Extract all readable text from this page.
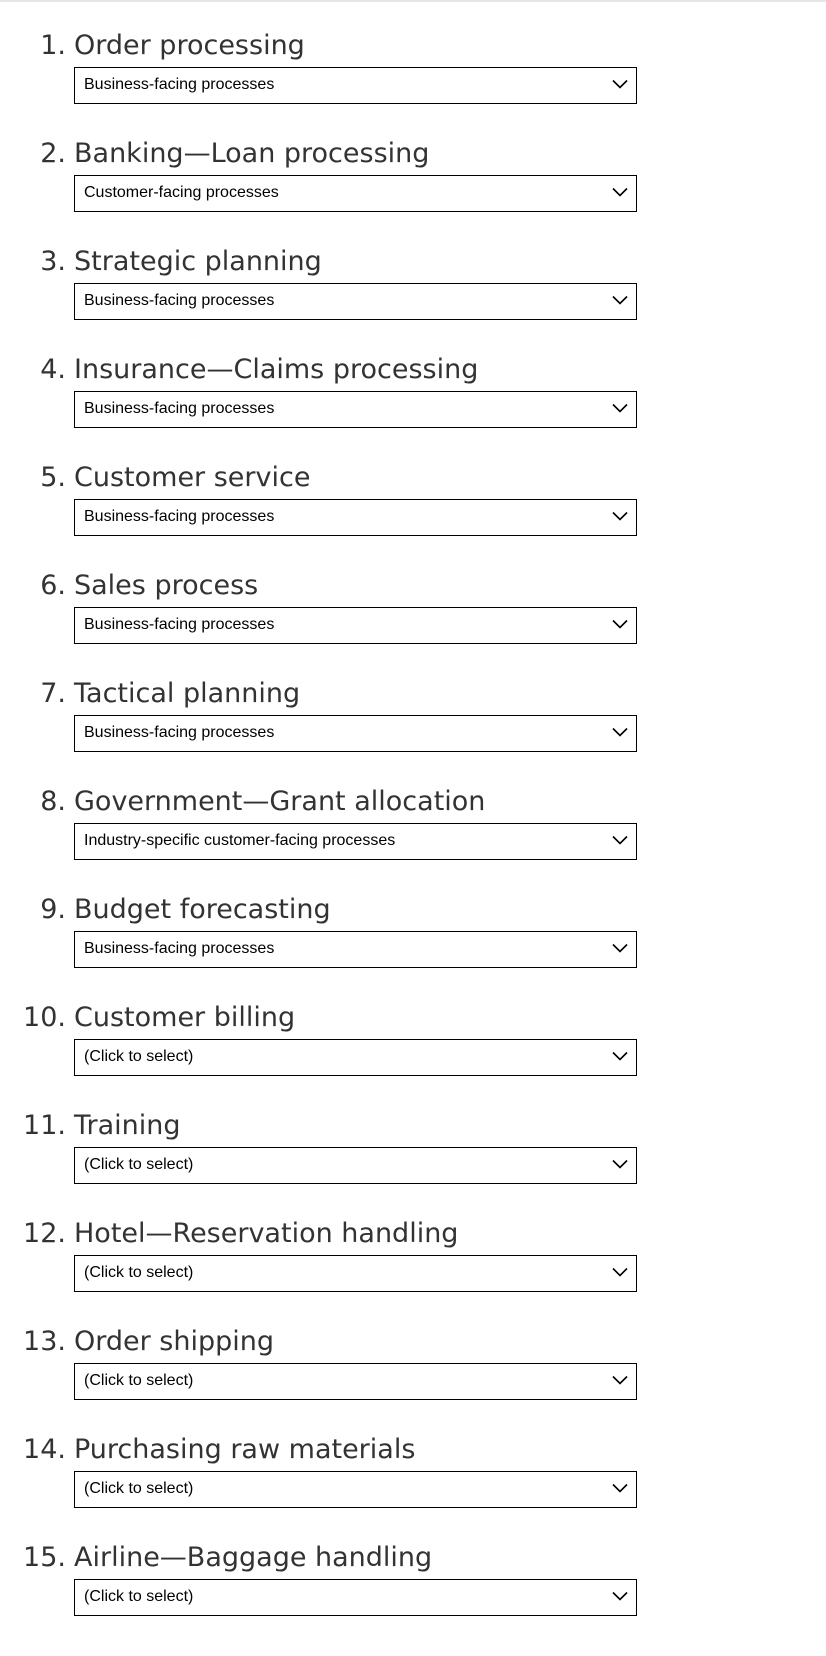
1. Order processing
Business-facing processes
2. Banking—Loan processing
Customer-facing processes
3. Strategic planning
Business-facing processes
4. Insurance—Claims processing
Business-facing processes
5. Customer service
Business-facing processes
6. Sales process
Business-facing processes
7. Tactical planning
Business-facing processes
8. Government—Grant allocation
Industry-specific customer-facing processes
9. Budget forecasting
Business-facing processes
10. Customer billing
(Click to select)
11. Training
(Click to select)
12. Hotel—Reservation handling
(Click to select)
13. Order shipping
(Click to select)
14. Purchasing raw materials
(Click to select)
15. Airline—Baggage handling
(Click to select)
